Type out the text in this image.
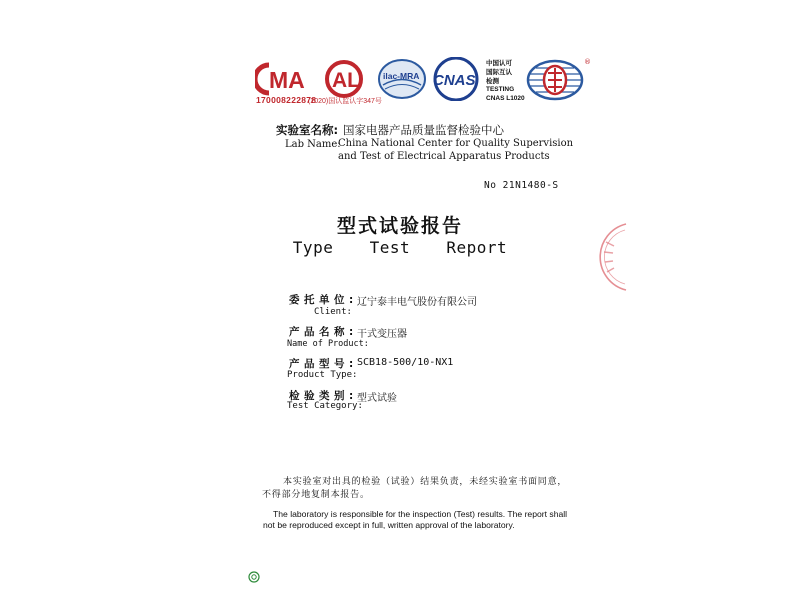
MA
170008222878
(2020)国认监认字347号
AL	ilac-MRA CNAS
中国认可
国际互认
检测
TESTING
CNAS L1020
®
实验室名称: 国家电器产品质量监督检验中心
Lab Name:
China National Center for Quality Supervision
and Test of Electrical Apparatus Products
No 21N1480-S
型式试验报告
Type  Test  Report
委托单位: 辽宁泰丰电气股份有限公司
Client:
产品名称: 干式变压器
Name of Product:
产品型号: SCB18-500/10-NX1
Product Type:
检验类别: 型式试验
Test Category:
本实验室对出具的检验（试验）结果负责，未经实验室书面同意，
不得部分地复制本报告。
The laboratory is responsible for the inspection (Test) results. The report shall
not be reproduced except in full, written approval of the laboratory.
